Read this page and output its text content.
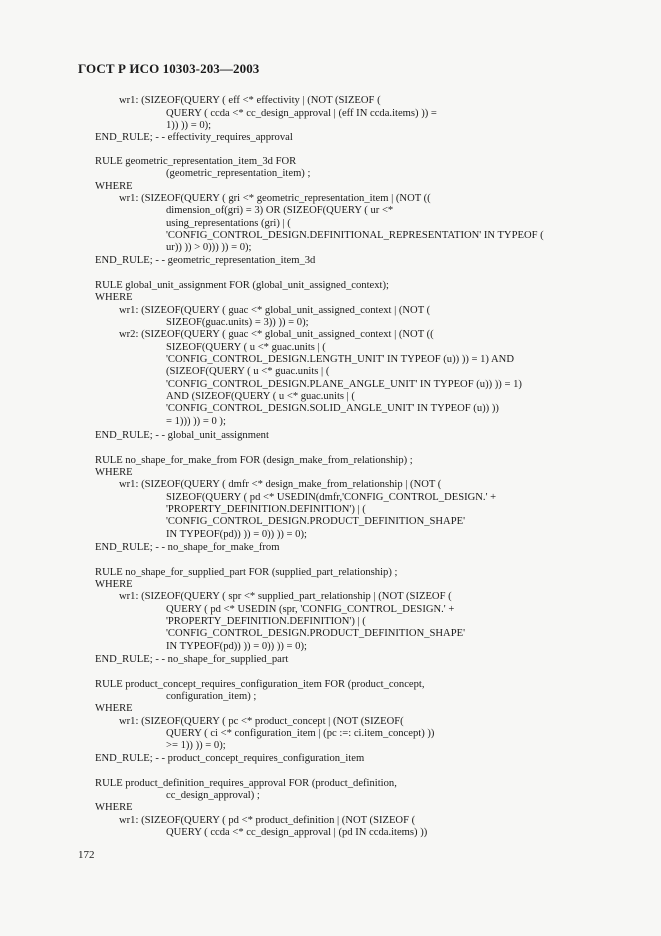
ГОСТ Р ИСО 10303-203—2003
wr1: (SIZEOF(QUERY ( eff <* effectivity | (NOT (SIZEOF (
QUERY ( ccda <* cc_design_approval | (eff IN ccda.items) )) =
1)) )) = 0);
END_RULE; - - effectivity_requires_approval
RULE geometric_representation_item_3d FOR
(geometric_representation_item) ;
WHERE
wr1: (SIZEOF(QUERY ( gri <* geometric_representation_item | (NOT ((
dimension_of(gri) = 3) OR (SIZEOF(QUERY ( ur <*
using_representations (gri) | (
'CONFIG_CONTROL_DESIGN.DEFINITIONAL_REPRESENTATION' IN TYPEOF (
ur)) )) > 0))) )) = 0);
END_RULE; - - geometric_representation_item_3d
RULE global_unit_assignment FOR (global_unit_assigned_context);
WHERE
wr1: (SIZEOF(QUERY ( guac <* global_unit_assigned_context | (NOT (
SIZEOF(guac.units) = 3)) )) = 0);
wr2: (SIZEOF(QUERY ( guac <* global_unit_assigned_context | (NOT ((
SIZEOF(QUERY ( u <* guac.units | (
'CONFIG_CONTROL_DESIGN.LENGTH_UNIT' IN TYPEOF (u)) )) = 1) AND
(SIZEOF(QUERY ( u <* guac.units | (
'CONFIG_CONTROL_DESIGN.PLANE_ANGLE_UNIT' IN TYPEOF (u)) )) = 1)
AND (SIZEOF(QUERY ( u <* guac.units | (
'CONFIG_CONTROL_DESIGN.SOLID_ANGLE_UNIT' IN TYPEOF (u)) ))
= 1))) )) = 0 );
END_RULE; - - global_unit_assignment
RULE no_shape_for_make_from FOR (design_make_from_relationship) ;
WHERE
wr1: (SIZEOF(QUERY ( dmfr <* design_make_from_relationship | (NOT (
SIZEOF(QUERY ( pd <* USEDIN(dmfr,'CONFIG_CONTROL_DESIGN.' +
'PROPERTY_DEFINITION.DEFINITION') | (
'CONFIG_CONTROL_DESIGN.PRODUCT_DEFINITION_SHAPE'
IN TYPEOF(pd)) )) = 0)) )) = 0);
END_RULE; - - no_shape_for_make_from
RULE no_shape_for_supplied_part FOR (supplied_part_relationship) ;
WHERE
wr1: (SIZEOF(QUERY ( spr <* supplied_part_relationship | (NOT (SIZEOF (
QUERY ( pd <* USEDIN (spr, 'CONFIG_CONTROL_DESIGN.' +
'PROPERTY_DEFINITION.DEFINITION') | (
'CONFIG_CONTROL_DESIGN.PRODUCT_DEFINITION_SHAPE'
IN TYPEOF(pd)) )) = 0)) )) = 0);
END_RULE; - - no_shape_for_supplied_part
RULE product_concept_requires_configuration_item FOR (product_concept,
configuration_item) ;
WHERE
wr1: (SIZEOF(QUERY ( pc <* product_concept | (NOT (SIZEOF(
QUERY ( ci <* configuration_item | (pc :=: ci.item_concept) ))
>= 1)) )) = 0);
END_RULE; - - product_concept_requires_configuration_item
RULE product_definition_requires_approval FOR (product_definition,
cc_design_approval) ;
WHERE
wr1: (SIZEOF(QUERY ( pd <* product_definition | (NOT (SIZEOF (
QUERY ( ccda <* cc_design_approval | (pd IN ccda.items) ))
172
